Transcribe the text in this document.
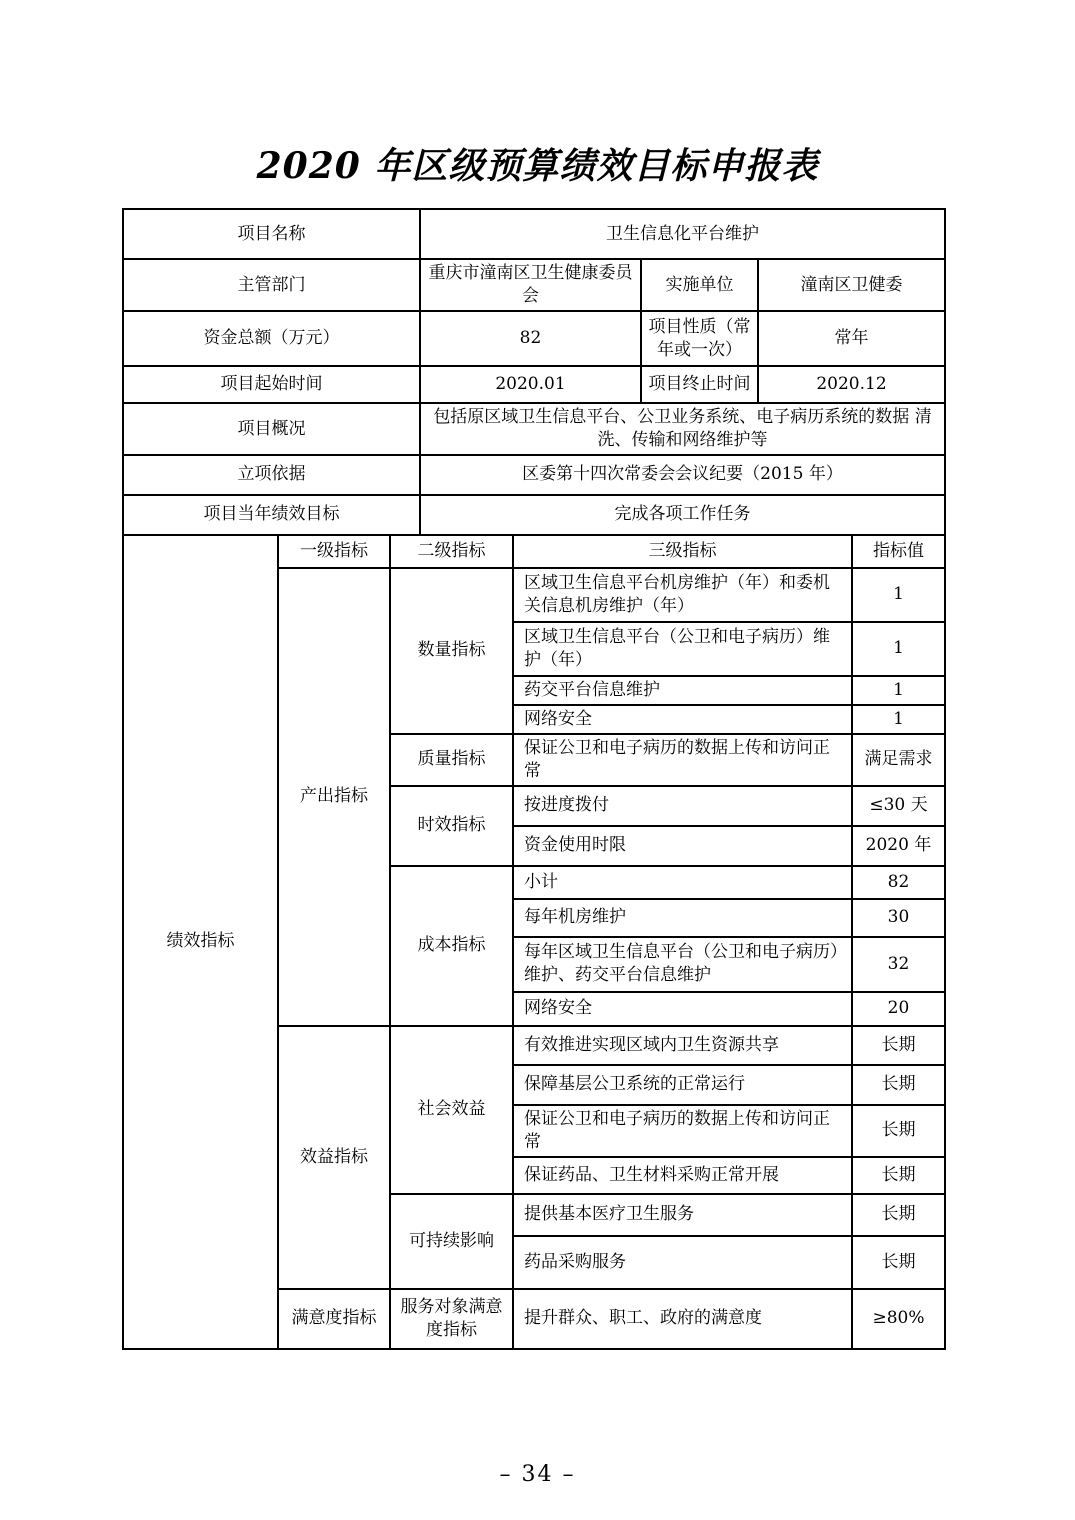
2020 年区级预算绩效目标申报表
项目名称	卫生信息化平台维护		
主管部门	重庆市潼南区卫生健康委员会	实施单位	潼南区卫健委
资金总额（万元）	82	项目性质（常年或一次）	常年
项目起始时间	2020.01	项目终止时间	2020.12
项目概况	包括原区域卫生信息平台、公卫业务系统、电子病历系统的数据 清洗、传输和网络维护等		
立项依据	区委第十四次常委会会议纪要（2015 年）		
项目当年绩效目标	完成各项工作任务		
绩效指标	一级指标	二级指标	三级指标	指标值
	产出指标	数量指标	区域卫生信息平台机房维护（年）和委机关信息机房维护（年）	1
			区域卫生信息平台（公卫和电子病历）维护（年）	1
			药交平台信息维护	1
			网络安全	1
		质量指标	保证公卫和电子病历的数据上传和访问正常	满足需求
		时效指标	按进度拨付	≤30 天
			资金使用时限	2020 年
		成本指标	小计	82
			每年机房维护	30
			每年区域卫生信息平台（公卫和电子病历）维护、药交平台信息维护	32
			网络安全	20
	效益指标	社会效益	有效推进实现区域内卫生资源共享	长期
			保障基层公卫系统的正常运行	长期
			保证公卫和电子病历的数据上传和访问正常	长期
			保证药品、卫生材料采购正常开展	长期
		可持续影响	提供基本医疗卫生服务	长期
			药品采购服务	长期
	满意度指标	服务对象满意度指标	提升群众、职工、政府的满意度	≥80%
– 34 –
